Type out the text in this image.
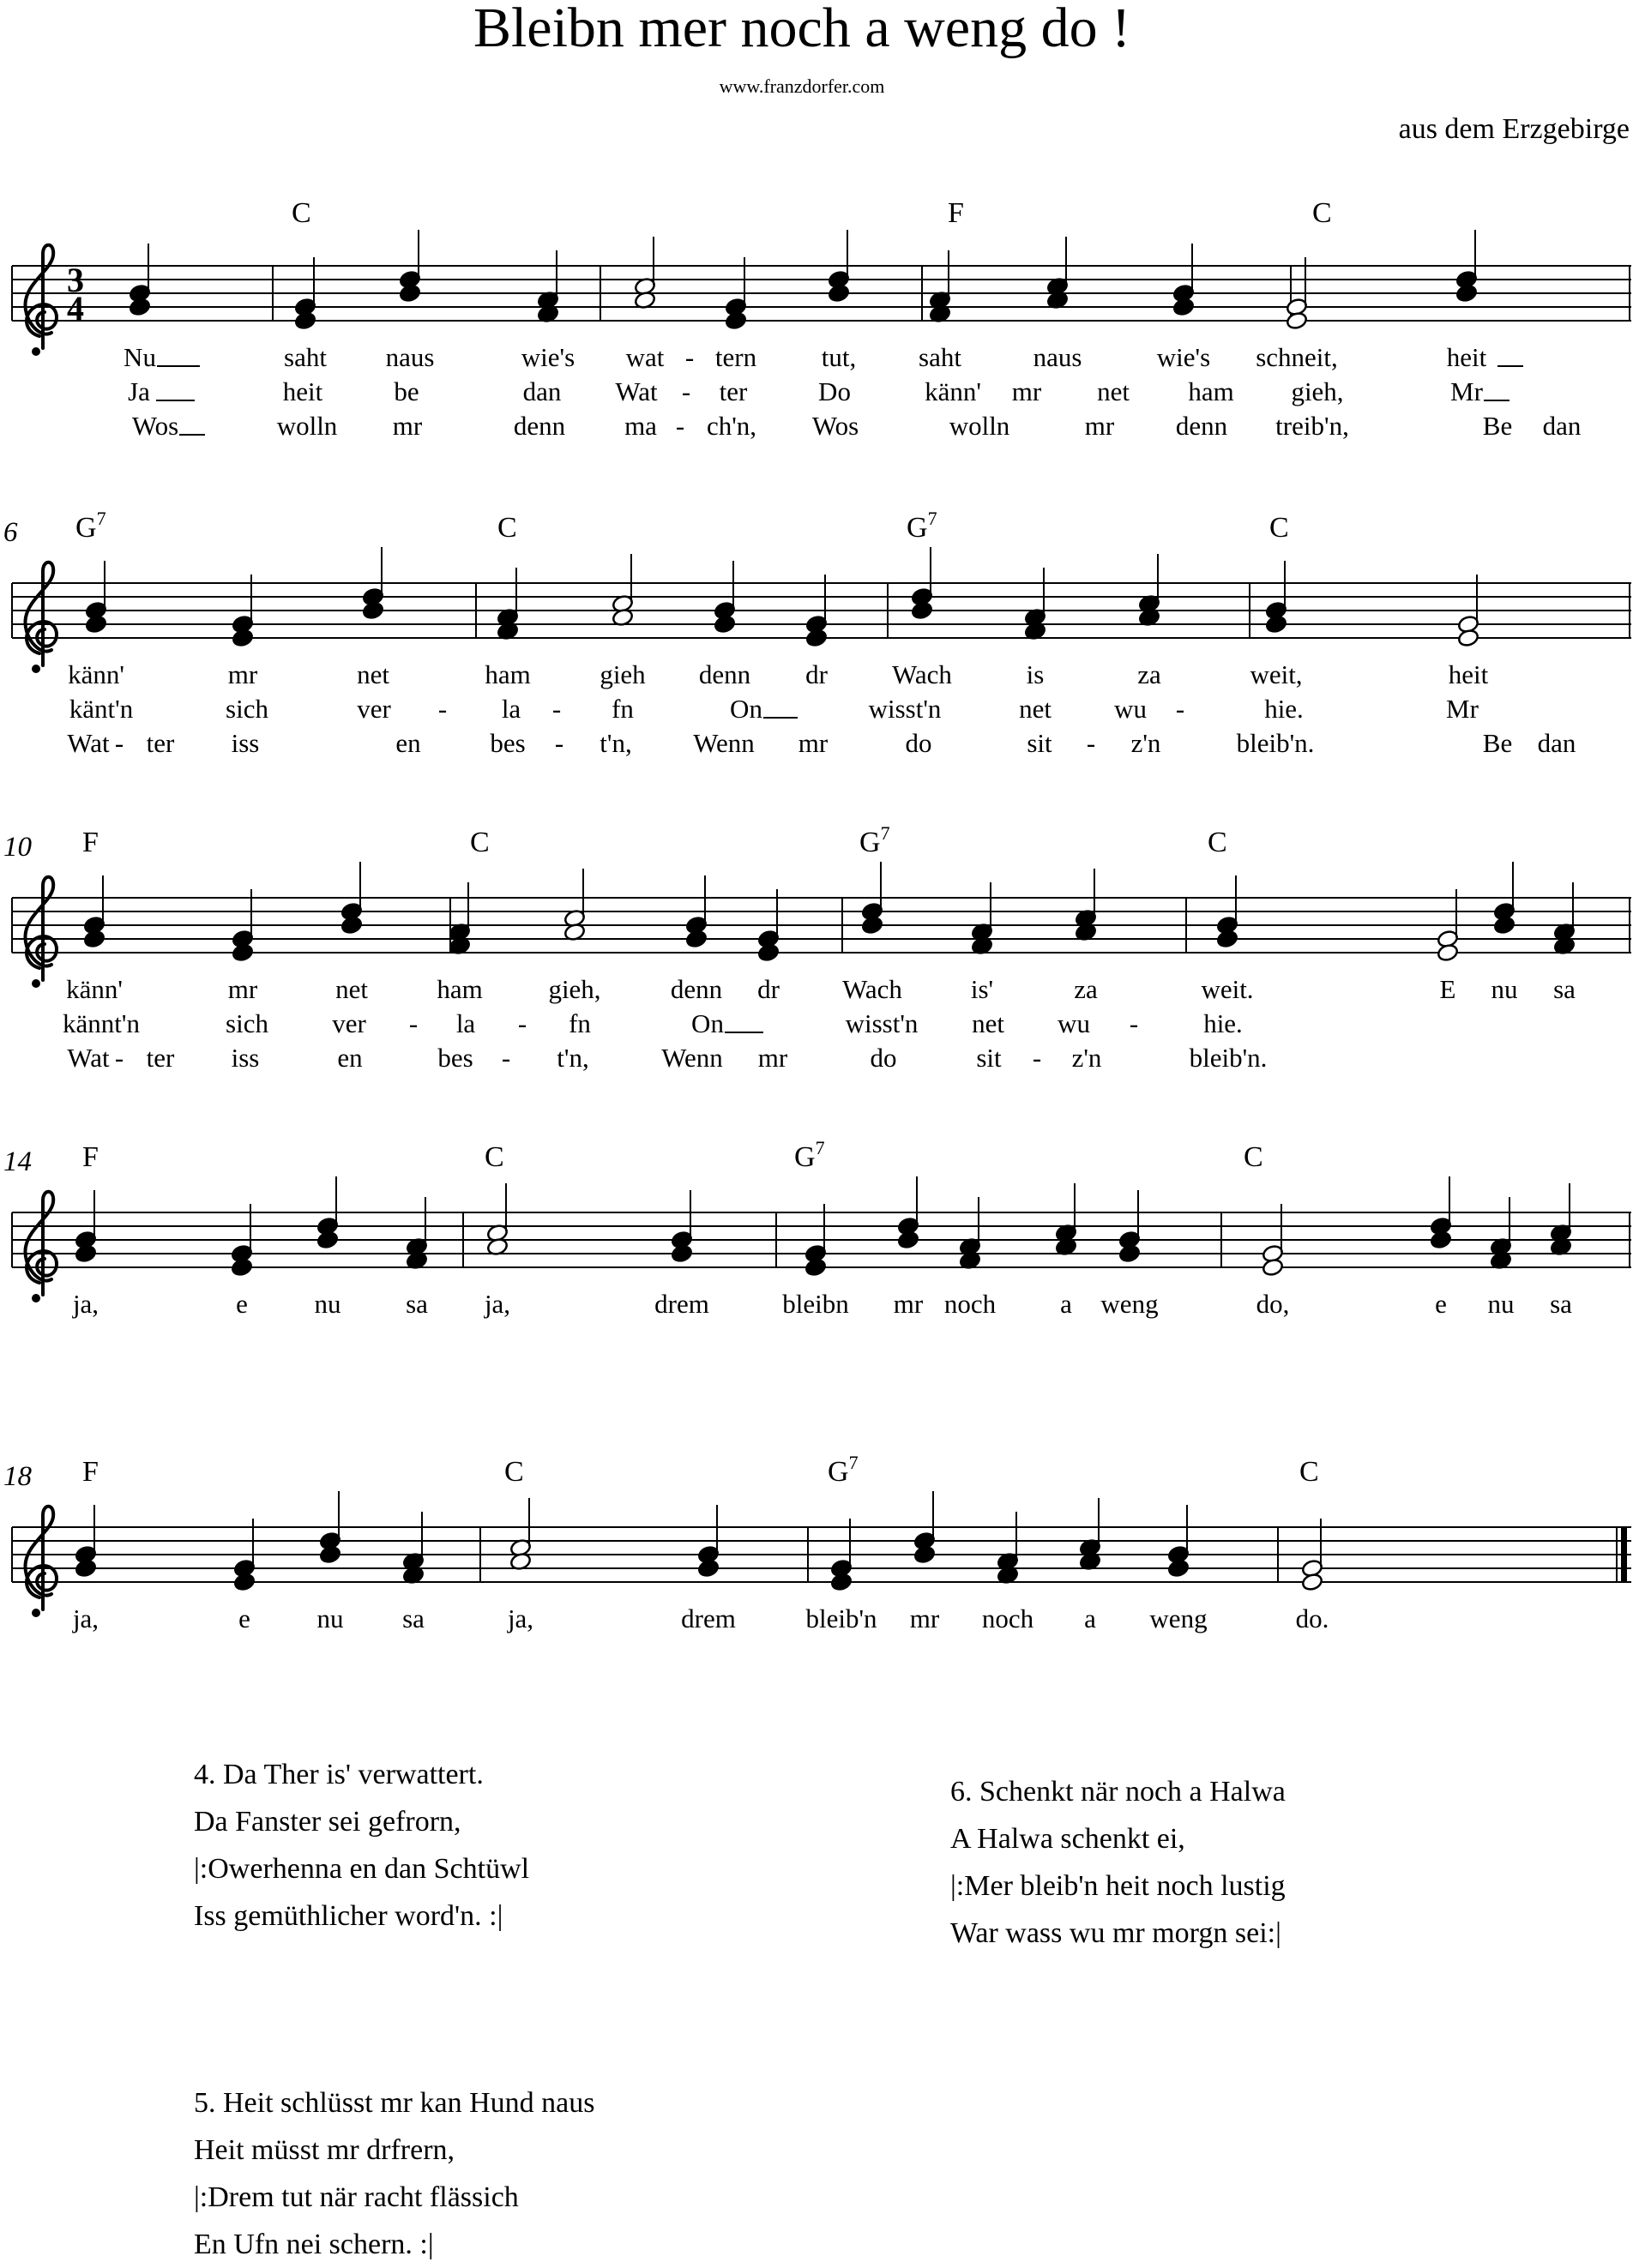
Bleibn mer noch a weng do !
www.franzdorfer.com
aus dem Erzgebirge
3
4
C	F	C
Nu	saht naus	wie's wat - tern tut, saht	naus	wie's schneit,	heit
Ja	heit	be	dan Wat - ter	Do	känn' mr net ham gieh,	Mr
Wos	wolln mr	denn ma - ch'n, Wos	wolln	mr denn treib'n,	Be dan
6 $G^7$	C	$G^7$	C
känn'	mr	net	ham	gieh denn dr Wach	is	za	weit,	heit
känt'n	sich	ver - la - fn	On	wisst'n	net wu -	hie.	Mr
Wat - ter iss	en	bes - t'n, Wenn mr	do	sit - z'n	bleib'n.	Be dan
10 F	C	$G^7$	C
känn'	mr	net	ham gieh,	denn dr Wach	is'	za	weit.	E nu sa
kännt'n	sich ver - la - fn	On	wisst'n net wu - hie.
Wat - ter iss	en	bes - t'n,	Wenn mr	do	sit - z'n	bleib'n.
14 F	C	$G^7$	C
ja,	e	nu sa ja,	drem	bleibn mr noch a weng	do,	e nu sa
18 F	C	$G^7$	C
ja,	e	nu sa	ja,	drem	bleib'n mr noch a weng	do.
4. Da Ther is' verwattert.
Da Fanster sei gefrorn,
|:Owerhenna en dan Schtüwl
Iss gemüthlicher word'n. :|
6. Schenkt när noch a Halwa
A Halwa schenkt ei,
|:Mer bleib'n heit noch lustig
War wass wu mr morgn sei:|
5. Heit schlüsst mr kan Hund naus
Heit müsst mr drfrern,
|:Drem tut när racht flässich
En Ufn nei schern. :|
